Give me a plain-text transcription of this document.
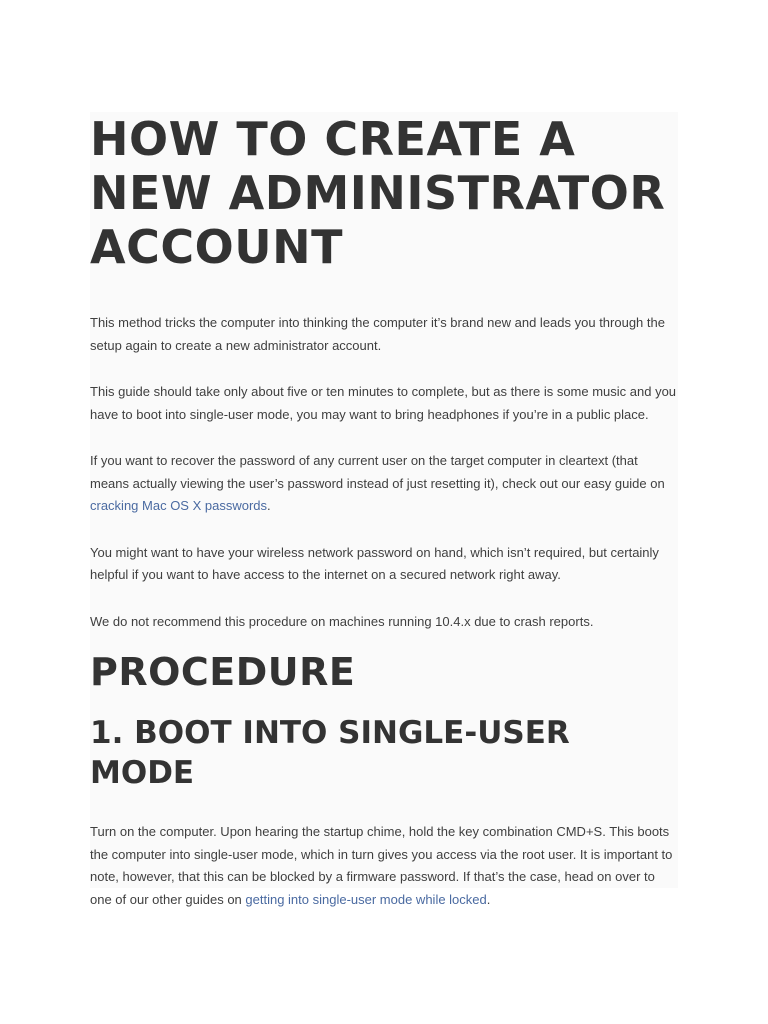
HOW TO CREATE A NEW ADMINISTRATOR ACCOUNT

This method tricks the computer into thinking the computer it’s brand new and leads you through the setup again to create a new administrator account.

This guide should take only about five or ten minutes to complete, but as there is some music and you have to boot into single-user mode, you may want to bring headphones if you’re in a public place.

If you want to recover the password of any current user on the target computer in cleartext (that means actually viewing the user’s password instead of just resetting it), check out our easy guide on cracking Mac OS X passwords.

You might want to have your wireless network password on hand, which isn’t required, but certainly helpful if you want to have access to the internet on a secured network right away.

We do not recommend this procedure on machines running 10.4.x due to crash reports.

PROCEDURE
1. BOOT INTO SINGLE-USER MODE

Turn on the computer. Upon hearing the startup chime, hold the key combination CMD+S. This boots the computer into single-user mode, which in turn gives you access via the root user. It is important to note, however, that this can be blocked by a firmware password. If that’s the case, head on over to one of our other guides on getting into single-user mode while locked.
